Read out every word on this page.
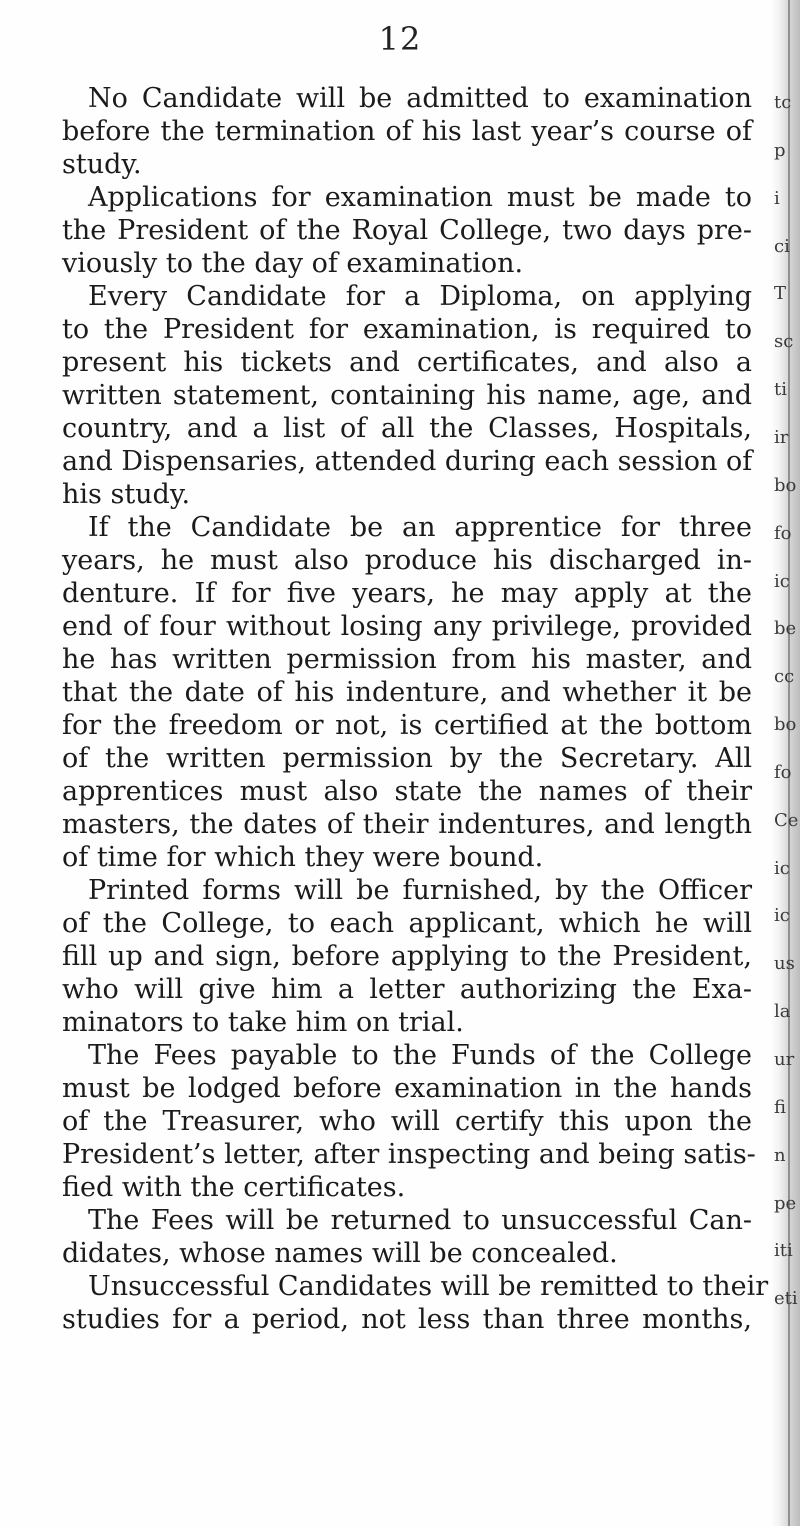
12
No Candidate will be admitted to examination
before the termination of his last year’s course of
study.
Applications for examination must be made to
the President of the Royal College, two days pre-
viously to the day of examination.
Every Candidate for a Diploma, on applying
to the President for examination, is required to
present his tickets and certificates, and also a
written statement, containing his name, age, and
country, and a list of all the Classes, Hospitals,
and Dispensaries, attended during each session of
his study.
If the Candidate be an apprentice for three
years, he must also produce his discharged in-
denture. If for five years, he may apply at the
end of four without losing any privilege, provided
he has written permission from his master, and
that the date of his indenture, and whether it be
for the freedom or not, is certified at the bottom
of the written permission by the Secretary. All
apprentices must also state the names of their
masters, the dates of their indentures, and length
of time for which they were bound.
Printed forms will be furnished, by the Officer
of the College, to each applicant, which he will
fill up and sign, before applying to the President,
who will give him a letter authorizing the Exa-
minators to take him on trial.
The Fees payable to the Funds of the College
must be lodged before examination in the hands
of the Treasurer, who will certify this upon the
President’s letter, after inspecting and being satis-
fied with the certificates.
The Fees will be returned to unsuccessful Can-
didates, whose names will be concealed.
Unsuccessful Candidates will be remitted to their
studies for a period, not less than three months,
tc
p
i
ci
T
sc
ti
ir
bo
fo
ic
be
cc
bo
fo
Ce
ic
ic
us
la
ur
fi
n
pe
iti
eti
